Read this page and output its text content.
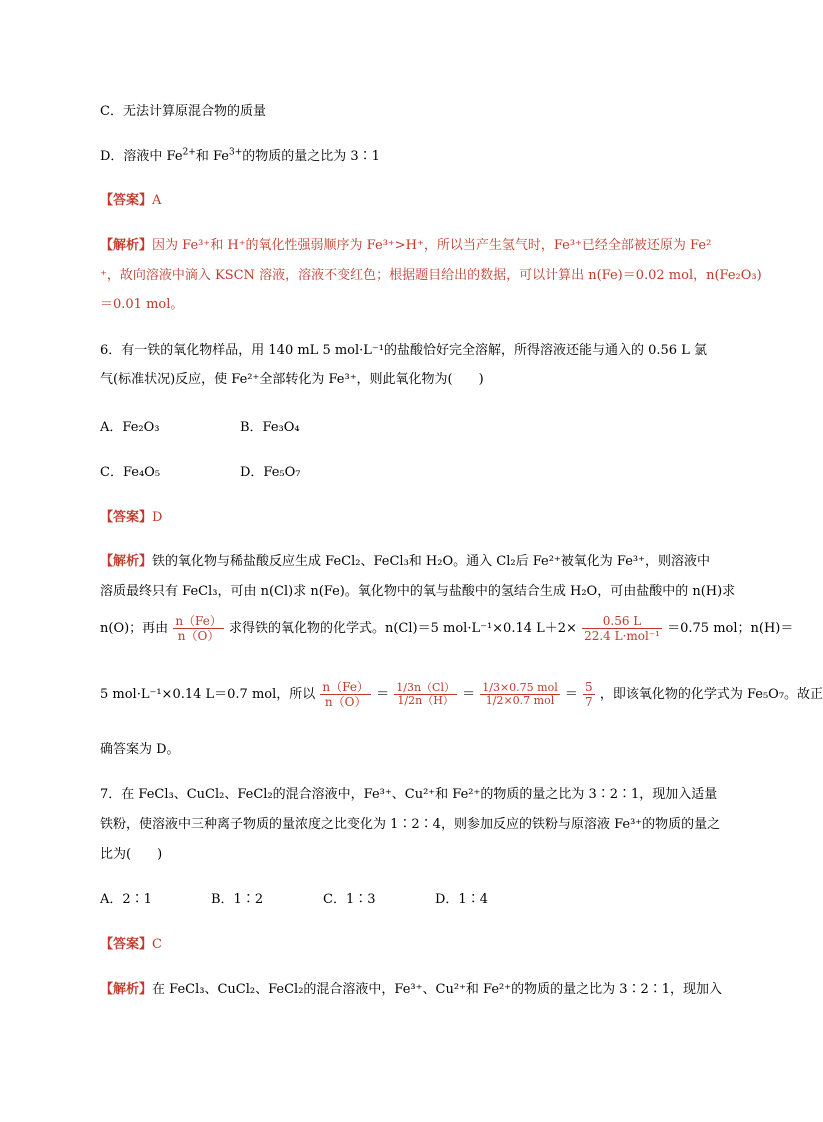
C．无法计算原混合物的质量
D．溶液中 $Fe^{2+}$和 $Fe^{3+}$的物质的量之比为 3∶1
【答案】A
【解析】因为 Fe³⁺和 H⁺的氧化性强弱顺序为 Fe³⁺>H⁺，所以当产生氢气时，Fe³⁺已经全部被还原为 Fe²
⁺，故向溶液中滴入 KSCN 溶液，溶液不变红色；根据题目给出的数据，可以计算出 n(Fe)＝0.02 mol，n(Fe₂O₃)
＝0.01 mol。
6．有一铁的氧化物样品，用 140 mL 5 mol·L⁻¹的盐酸恰好完全溶解，所得溶液还能与通入的 0.56 L 氯
气(标准状况)反应，使 Fe²⁺全部转化为 Fe³⁺，则此氧化物为(　　)
A．Fe₂O₃	B．Fe₃O₄
C．Fe₄O₅	D．Fe₅O₇
【答案】D
【解析】铁的氧化物与稀盐酸反应生成 FeCl₂、FeCl₃和 H₂O。通入 Cl₂后 Fe²⁺被氧化为 Fe³⁺，则溶液中
溶质最终只有 FeCl₃，可由 n(Cl)求 n(Fe)。氧化物中的氧与盐酸中的氢结合生成 H₂O，可由盐酸中的 n(H)求
n(O)；再由 $\frac{n(Fe)}{n(O)}$ 求得铁的氧化物的化学式。n(Cl)＝5 mol·L⁻¹×0.14 $L+2\times \frac{0.56 L}{\text{22.4 L·mol⁻¹}} =0.75$ mol；n(H)＝
5 mol·L⁻¹×0.14 L＝0.7 mol，所以 $\frac{n(Fe)}{n(O)} = \frac{1/3n(Cl)}{1/2n(H)} = \frac{\text{1/3×0.75 mol}}{\text{1/2×0.7 mol}} = \frac{5}{7}$ ，即该氧化物的化学式为 Fe₅O₇。故正
确答案为 D。
7．在 FeCl₃、CuCl₂、FeCl₂的混合溶液中，Fe³⁺、Cu²⁺和 Fe²⁺的物质的量之比为 3∶2∶1，现加入适量
铁粉，使溶液中三种离子物质的量浓度之比变化为 1∶2∶4，则参加反应的铁粉与原溶液 Fe³⁺的物质的量之
比为(　　)
A．2∶1	B．1∶2	C．1∶3	D．1∶4
【答案】C
【解析】在 FeCl₃、CuCl₂、FeCl₂的混合溶液中，Fe³⁺、Cu²⁺和 Fe²⁺的物质的量之比为 3∶2∶1，现加入
